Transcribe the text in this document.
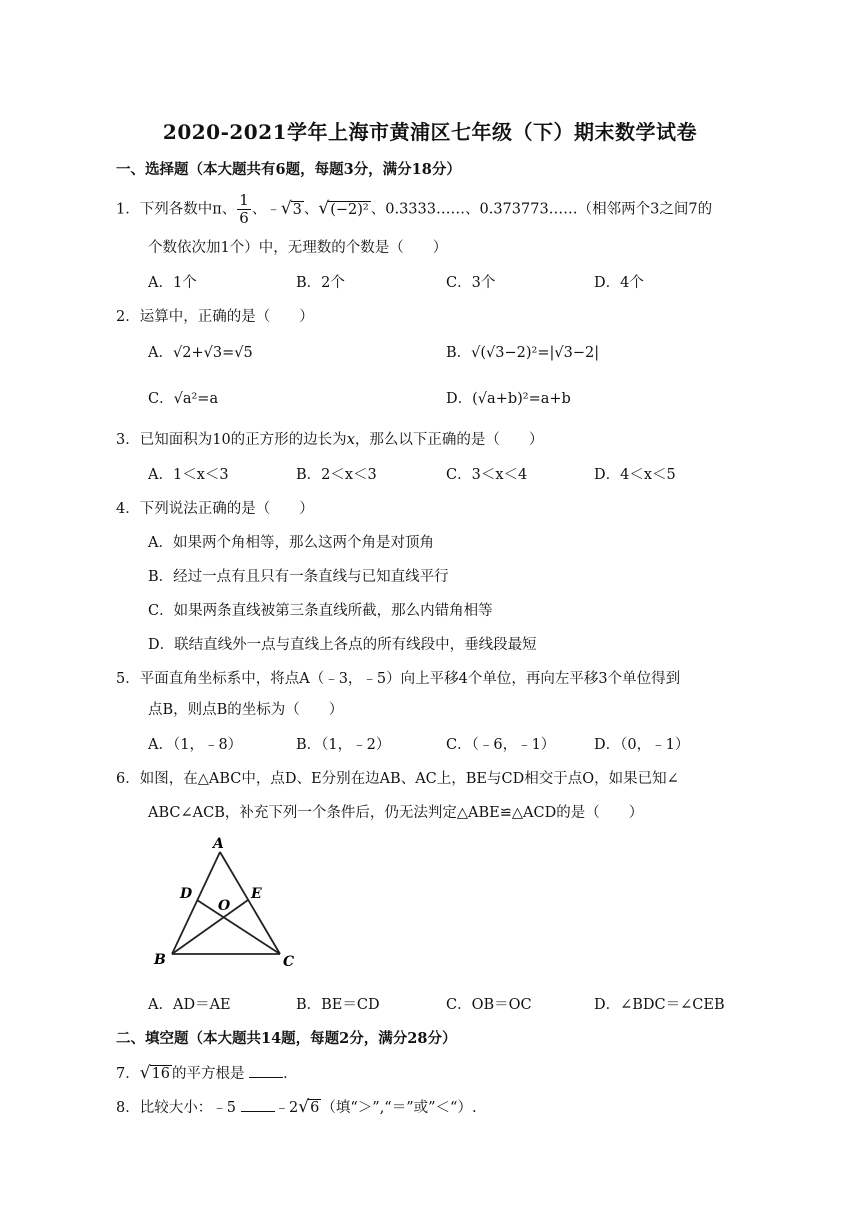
2020-2021学年上海市黄浦区七年级（下）期末数学试卷
一、选择题（本大题共有6题，每题3分，满分18分）
1．下列各数中π、 $\frac{1}{6}$ 、﹣√3 、√(−2)² 、0.3333……、0.373773……（相邻两个3之间7的
个数依次加1个）中，无理数的个数是（　　）
A．1个	B．2个	C．3个	D．4个
2．运算中，正确的是（　　）
A．√2+√3=√5	B．√(√3−2)²=|√3−2|
C．√a²=a	D．(√a+b)²=a+b
3．已知面积为10的正方形的边长为x，那么以下正确的是（　　）
A．1＜x＜3	B．2＜x＜3	C．3＜x＜4	D．4＜x＜5
4．下列说法正确的是（　　）
A．如果两个角相等，那么这两个角是对顶角
B．经过一点有且只有一条直线与已知直线平行
C．如果两条直线被第三条直线所截，那么内错角相等
D．联结直线外一点与直线上各点的所有线段中，垂线段最短
5．平面直角坐标系中，将点A（﹣3，﹣5）向上平移4个单位，再向左平移3个单位得到
点B，则点B的坐标为（　　）
A．（1，﹣8）	B．（1，﹣2）	C．（﹣6，﹣1）	D．（0，﹣1）
6．如图，在△ABC中，点D、E分别在边AB、AC上，BE与CD相交于点O，如果已知∠
ABC∠ACB，补充下列一个条件后，仍无法判定△ABE≌△ACD的是（　　）
A
B	C
D	E
O
A．AD＝AE	B．BE＝CD	C．OB＝OC	D．∠BDC＝∠CEB
二、填空题（本大题共14题，每题2分，满分28分）
7．√16 的平方根是 ．
8．比较大小：﹣5 ﹣2√6 （填“＞”,“＝”或”＜“）.
